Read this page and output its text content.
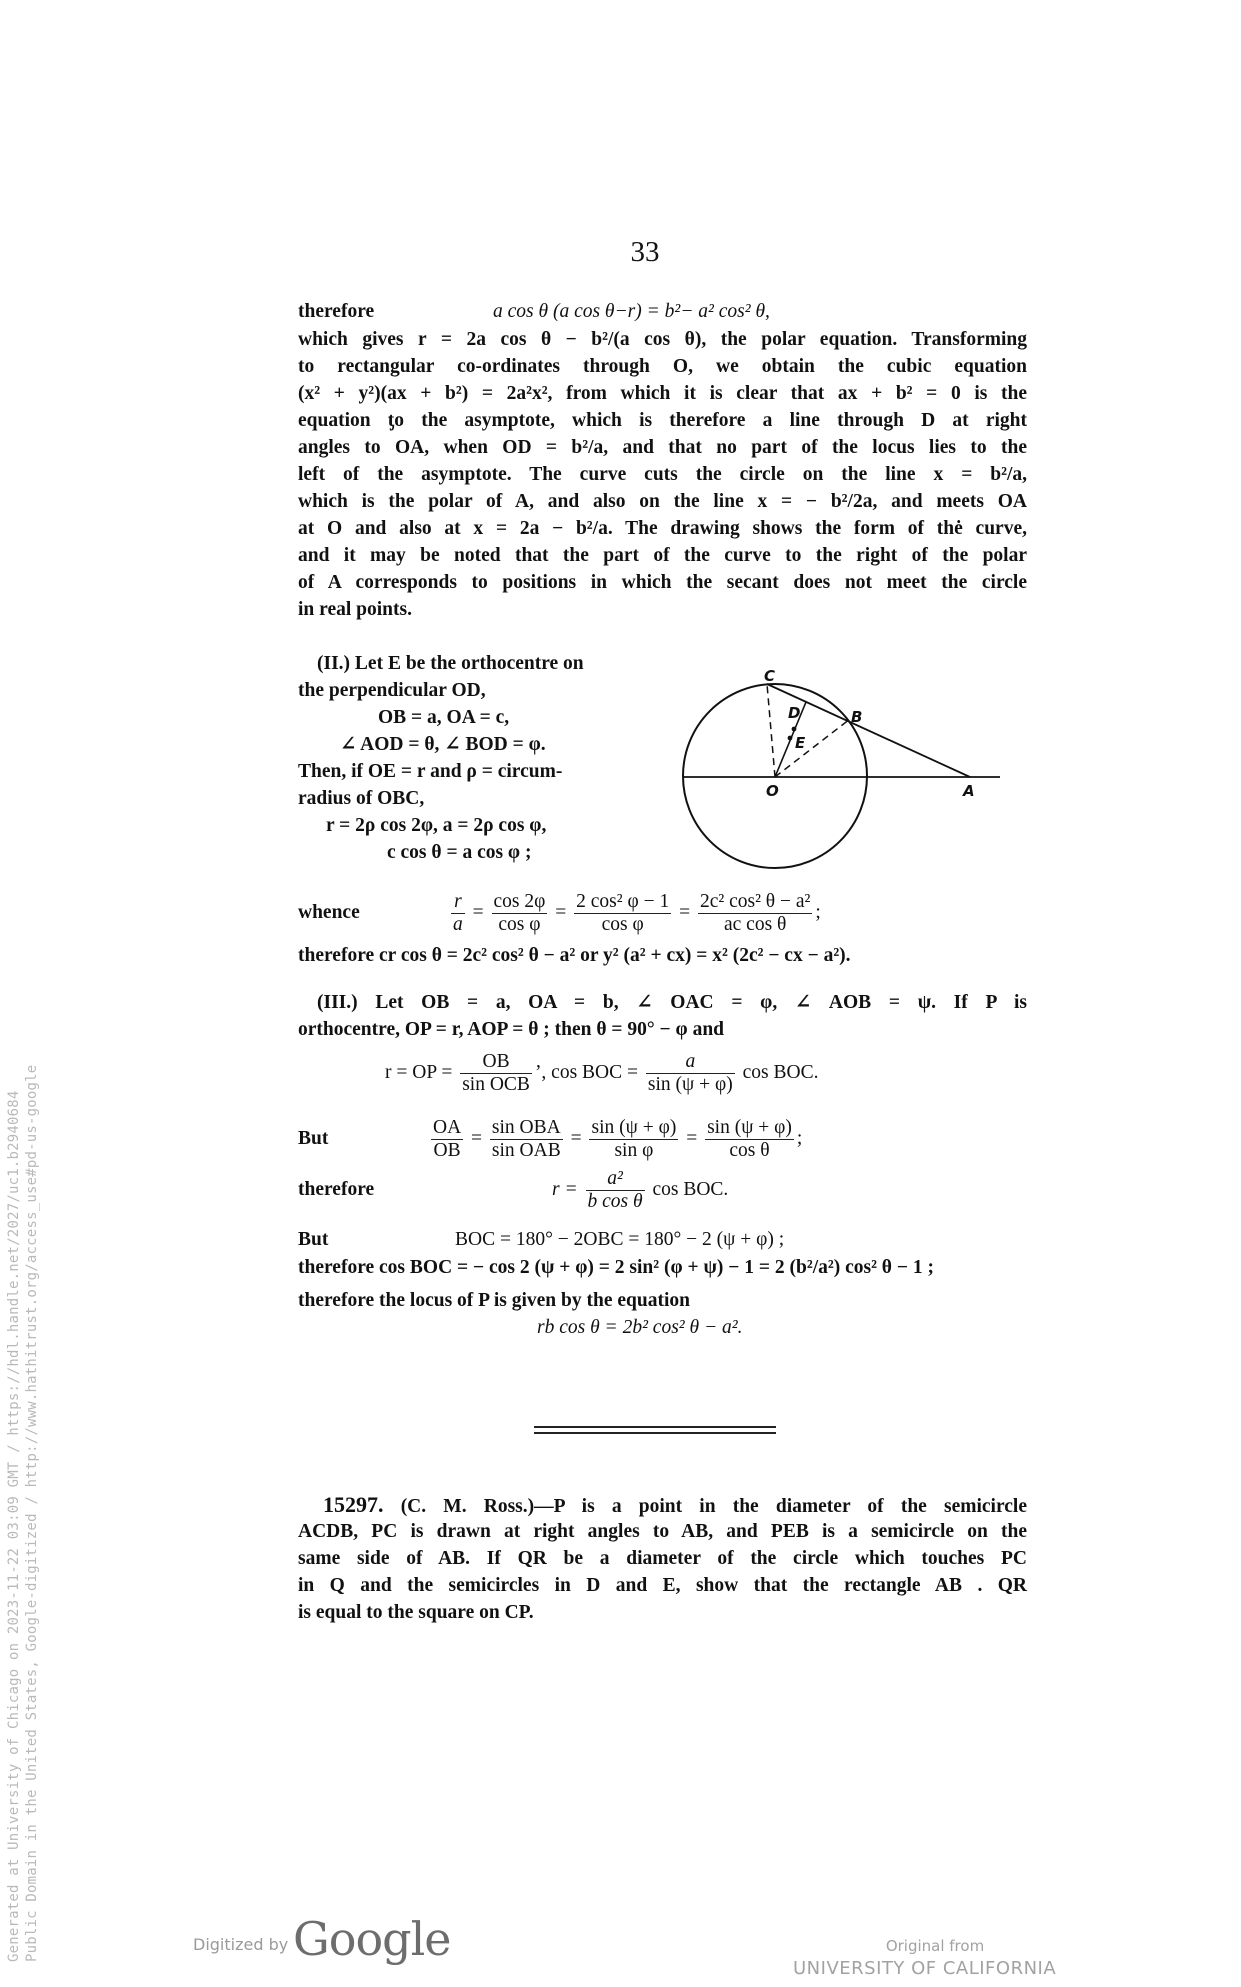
33
therefore	a cos θ (a cos θ−r) = b²− a² cos² θ,
which gives r = 2a cos θ − b²/(a cos θ), the polar equation. Transforming
to rectangular co-ordinates through O, we obtain the cubic equation
(x² + y²)(ax + b²) = 2a²x², from which it is clear that ax + b² = 0 is the
equation ƫo the asymptote, which is therefore a line through D at right
angles to OA, when OD = b²/a, and that no part of the locus lies to the
left of the asymptote. The curve cuts the circle on the line x = b²/a,
which is the polar of A, and also on the line x = − b²/2a, and meets OA
at O and also at x = 2a − b²/a. The drawing shows the form of thė curve,
and it may be noted that the part of the curve to the right of the polar
of A corresponds to positions in which the secant does not meet the circle
in real points.
(II.) Let E be the orthocentre on
the perpendicular OD,
OB = a, OA = c,
∠ AOD = θ, ∠ BOD = φ.
Then, if OE = r and ρ = circum-
radius of OBC,
r = 2ρ cos 2φ, a = 2ρ cos φ,
c cos θ = a cos φ ;
C
D	B
E
O	A
whence	$\frac{r}{a} = \frac{\cos 2\varphi}{\text{cos φ}} = \frac{\text{2 cos² φ − 1}}{\text{cos φ}} = \frac{\text{2c² cos² θ − a²}}{\text{ac cos θ}}$ ;
therefore cr cos θ = 2c² cos² θ − a² or y² (a² + cx) = x² (2c² − cx − a²).
(III.) Let OB = a, OA = b, ∠ OAC = φ, ∠ AOB = ψ. If P is
orthocentre, OP = r, AOP = θ ; then θ = 90° − φ and
r = OP = $\frac{OB}{\text{sin OCB}}$ ’, cos BOC = $\frac{a}{\sin (\psi + \varphi)}$ cos BOC.
But	$\frac{OA}{OB} = \frac{\text{sin OBA}}{\text{sin OAB}} = \frac{\sin (\psi + \varphi)}{\text{sin φ}} = \frac{\sin (\psi + \varphi)}{\text{cos θ}}$ ;
therefore	$r = \frac{\text{a²}}{\text{b cos θ}}$ cos BOC.
But	BOC = 180° − 2OBC = 180° − 2 (ψ + φ) ;
therefore cos BOC = − cos 2 (ψ + φ) = 2 sin² (φ + ψ) − 1 = 2 (b²/a²) cos² θ − 1 ;
therefore the locus of P is given by the equation
rb cos θ = 2b² cos² θ − a².
15297. (C. M. Ross.)—P is a point in the diameter of the semicircle
ACDB, PC is drawn at right angles to AB, and PEB is a semicircle on the
same side of AB. If QR be a diameter of the circle which touches PC
in Q and the semicircles in D and E, show that the rectangle AB . QR
is equal to the square on CP.
Generated at University of Chicago on 2023-11-22 03:09 GMT / https://hdl.handle.net/2027/uc1.b2940684 Public Domain in the United States, Google-digitized / http://www.hathitrust.org/access_use#pd-us-google	Digitized by Google	Original from
UNIVERSITY OF CALIFORNIA
